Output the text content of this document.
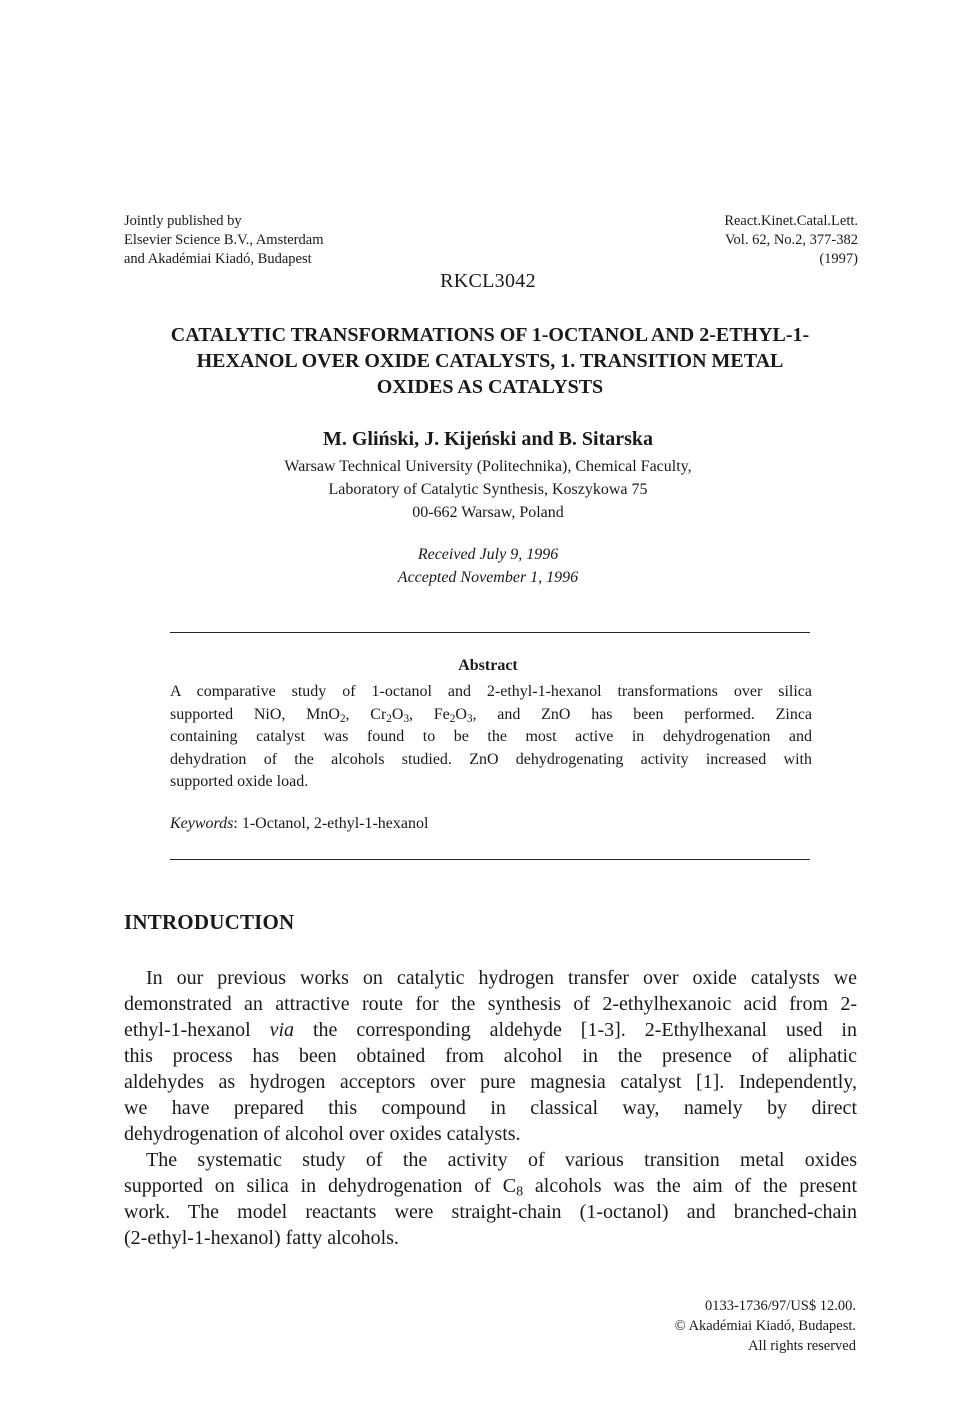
Jointly published by
Elsevier Science B.V., Amsterdam
and Akadémiai Kiadó, Budapest
React.Kinet.Catal.Lett.
Vol. 62, No.2, 377-382
(1997)
RKCL3042
CATALYTIC TRANSFORMATIONS OF 1-OCTANOL AND 2-ETHYL-1-
HEXANOL OVER OXIDE CATALYSTS, 1. TRANSITION METAL
OXIDES AS CATALYSTS
M. Gliński, J. Kijeński and B. Sitarska
Warsaw Technical University (Politechnika), Chemical Faculty,
Laboratory of Catalytic Synthesis, Koszykowa 75
00-662 Warsaw, Poland
Received July 9, 1996
Accepted November 1, 1996
Abstract
A comparative study of 1-octanol and 2-ethyl-1-hexanol transformations over silica
supported NiO, MnO$_2$, $Cr_2O_3$, $Fe_2O_3$, and ZnO has been performed. Zinca
containing catalyst was found to be the most active in dehydrogenation and
dehydration of the alcohols studied. ZnO dehydrogenating activity increased with
supported oxide load.
Keywords: 1-Octanol, 2-ethyl-1-hexanol
INTRODUCTION
In our previous works on catalytic hydrogen transfer over oxide catalysts we
demonstrated an attractive route for the synthesis of 2-ethylhexanoic acid from 2-
ethyl-1-hexanol via the corresponding aldehyde [1-3]. 2-Ethylhexanal used in
this process has been obtained from alcohol in the presence of aliphatic
aldehydes as hydrogen acceptors over pure magnesia catalyst [1]. Independently,
we have prepared this compound in classical way, namely by direct
dehydrogenation of alcohol over oxides catalysts.
The systematic study of the activity of various transition metal oxides
supported on silica in dehydrogenation of $C_8$ alcohols was the aim of the present
work. The model reactants were straight-chain (1-octanol) and branched-chain
(2-ethyl-1-hexanol) fatty alcohols.
0133-1736/97/US$ 12.00.
© Akadémiai Kiadó, Budapest.
All rights reserved
